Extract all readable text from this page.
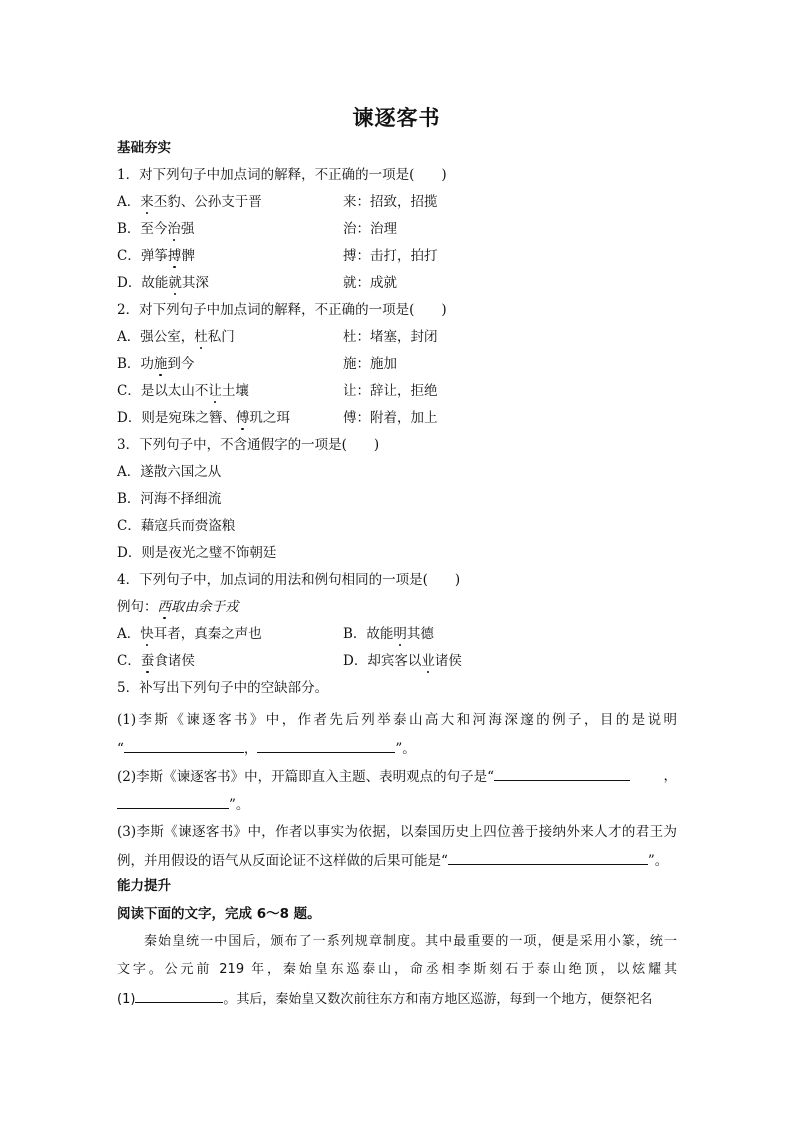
谏逐客书
基础夯实
1．对下列句子中加点词的解释，不正确的一项是(　　)
A．来丕豹、公孙支于晋	来：招致，招揽
B．至今治强	治：治理
C．弹筝搏髀	搏：击打，拍打
D．故能就其深	就：成就
2．对下列句子中加点词的解释，不正确的一项是(　　)
A．强公室，杜私门	杜：堵塞，封闭
B．功施到今	施：施加
C．是以太山不让土壤	让：辞让，拒绝
D．则是宛珠之簪、傅玑之珥	傅：附着，加上
3．下列句子中，不含通假字的一项是(　　)
A．遂散六国之从
B．河海不择细流
C．藉寇兵而赍盗粮
D．则是夜光之璧不饰朝廷
4．下列句子中，加点词的用法和例句相同的一项是(　　)
例句：西取由余于戎
A．快耳者，真秦之声也	B．故能明其德
C．蚕食诸侯	D．却宾客以业诸侯
5．补写出下列句子中的空缺部分。
(1)李斯《谏逐客书》中，作者先后列举泰山高大和河海深邃的例子，目的是说明
“	，	”。
(2)李斯《谏逐客书》中，开篇即直入主题、表明观点的句子是“	，
”。
(3)李斯《谏逐客书》中，作者以事实为依据，以秦国历史上四位善于接纳外来人才的君王为
例，并用假设的语气从反面论证不这样做的后果可能是“	”。
能力提升
阅读下面的文字，完成 6～8 题。
秦始皇统一中国后，颁布了一系列规章制度。其中最重要的一项，便是采用小篆，统一
文字。公元前 219 年，秦始皇东巡泰山，命丞相李斯刻石于泰山绝顶，以炫耀其
(1)	。其后，秦始皇又数次前往东方和南方地区巡游，每到一个地方，便祭祀名
